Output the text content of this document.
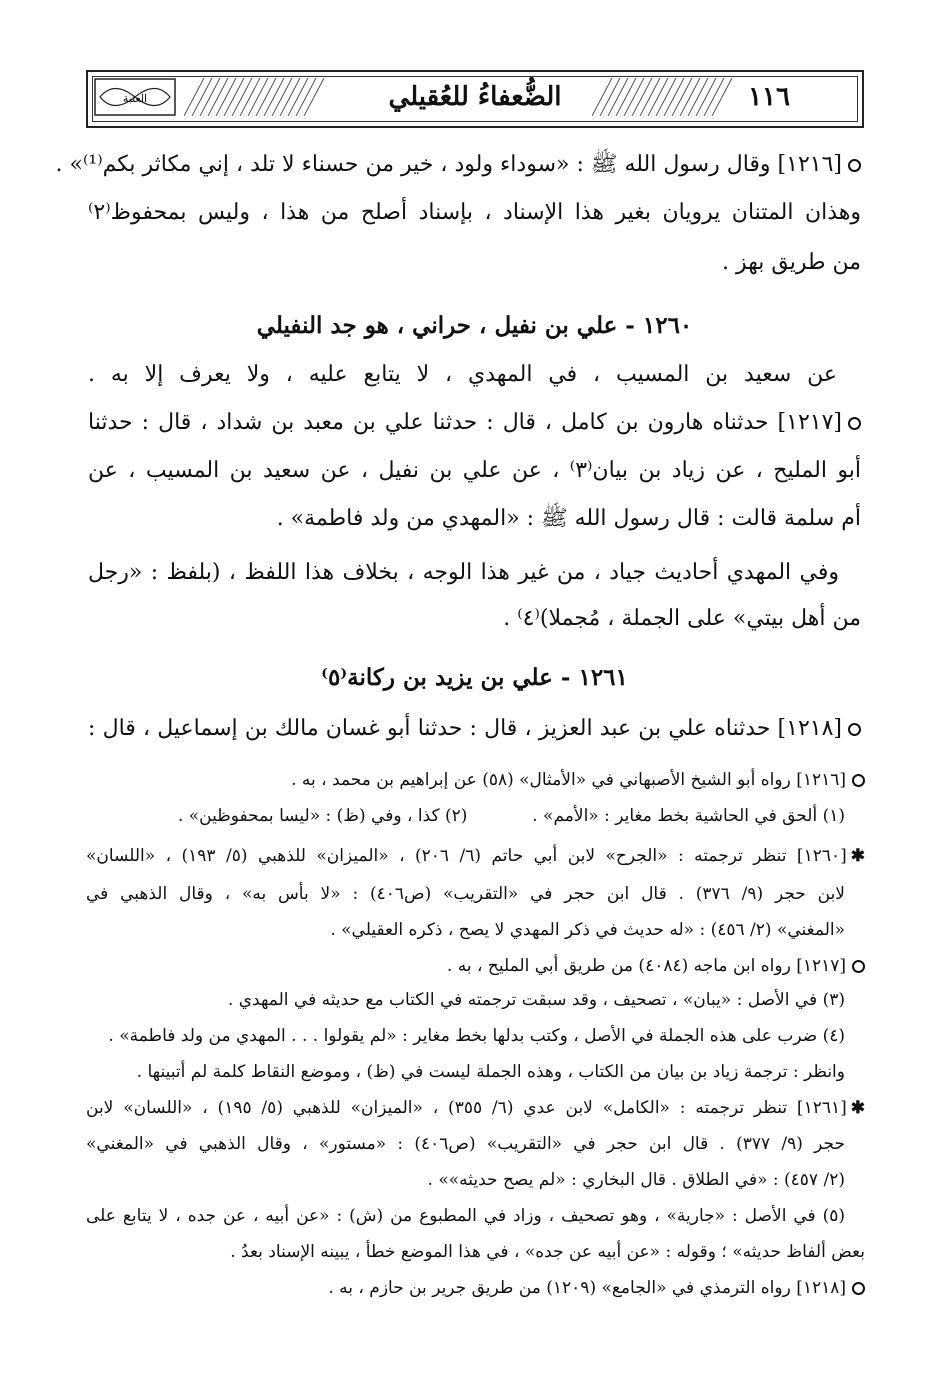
العتبة	الضُّعفاءُ للعُقيلي	١١٦
[١٢١٦] وقال رسول الله ﷺ : «سوداء ولود ، خير من حسناء لا تلد ، إني مكاثر بكم⁽¹⁾» .
وهذان المتنان يرويان بغير هذا الإسناد ، بإسناد أصلح من هذا ، وليس بمحفوظ⁽٢⁾
من طريق بهز .
١٢٦٠ - علي بن نفيل ، حراني ، هو جد النفيلي
عن سعيد بن المسيب ، في المهدي ، لا يتابع عليه ، ولا يعرف إلا به .
[١٢١٧] حدثناه هارون بن كامل ، قال : حدثنا علي بن معبد بن شداد ، قال : حدثنا
أبو المليح ، عن زياد بن بيان⁽٣⁾ ، عن علي بن نفيل ، عن سعيد بن المسيب ، عن
أم سلمة قالت : قال رسول الله ﷺ : «المهدي من ولد فاطمة» .
وفي المهدي أحاديث جياد ، من غير هذا الوجه ، بخلاف هذا اللفظ ، (بلفظ : «رجل
من أهل بيتي» على الجملة ، مُجملا)⁽٤⁾ .
١٢٦١ - علي بن يزيد بن ركانة⁽٥⁾
[١٢١٨] حدثناه علي بن عبد العزيز ، قال : حدثنا أبو غسان مالك بن إسماعيل ، قال :
[١٢١٦] رواه أبو الشيخ الأصبهاني في «الأمثال» (٥٨) عن إبراهيم بن محمد ، به .
(١) ألحق في الحاشية بخط مغاير : «الأمم» .            (٢) كذا ، وفي (ظ) : «ليسا بمحفوظين» .
✱[١٢٦٠] تنظر ترجمته : «الجرح» لابن أبي حاتم (٦/ ٢٠٦) ، «الميزان» للذهبي (٥/ ١٩٣) ، «اللسان»
لابن حجر (٩/ ٣٧٦) . قال ابن حجر في «التقريب» (ص٤٠٦) : «لا بأس به» ، وقال الذهبي في
«المغني» (٢/ ٤٥٦) : «له حديث في ذكر المهدي لا يصح ، ذكره العقيلي» .
[١٢١٧] رواه ابن ماجه (٤٠٨٤) من طريق أبي المليح ، به .
(٣) في الأصل : «يبان» ، تصحيف ، وقد سبقت ترجمته في الكتاب مع حديثه في المهدي .
(٤) ضرب على هذه الجملة في الأصل ، وكتب بدلها بخط مغاير : «لم يقولوا . . . المهدي من ولد فاطمة» .
وانظر : ترجمة زياد بن بيان من الكتاب ، وهذه الجملة ليست في (ظ) ، وموضع النقاط كلمة لم أتبينها .
✱[١٢٦١] تنظر ترجمته : «الكامل» لابن عدي (٦/ ٣٥٥) ، «الميزان» للذهبي (٥/ ١٩٥) ، «اللسان» لابن
حجر (٩/ ٣٧٧) . قال ابن حجر في «التقريب» (ص٤٠٦) : «مستور» ، وقال الذهبي في «المغني»
(٢/ ٤٥٧) : «في الطلاق . قال البخاري : «لم يصح حديثه»» .
(٥) في الأصل : «جارية» ، وهو تصحيف ، وزاد في المطبوع من (ش) : «عن أبيه ، عن جده ، لا يتابع على
بعض ألفاظ حديثه» ؛ وقوله : «عن أبيه عن جده» ، في هذا الموضع خطأ ، يبينه الإسناد بعدُ .
[١٢١٨] رواه الترمذي في «الجامع» (١٢٠٩) من طريق جرير بن حازم ، به .
